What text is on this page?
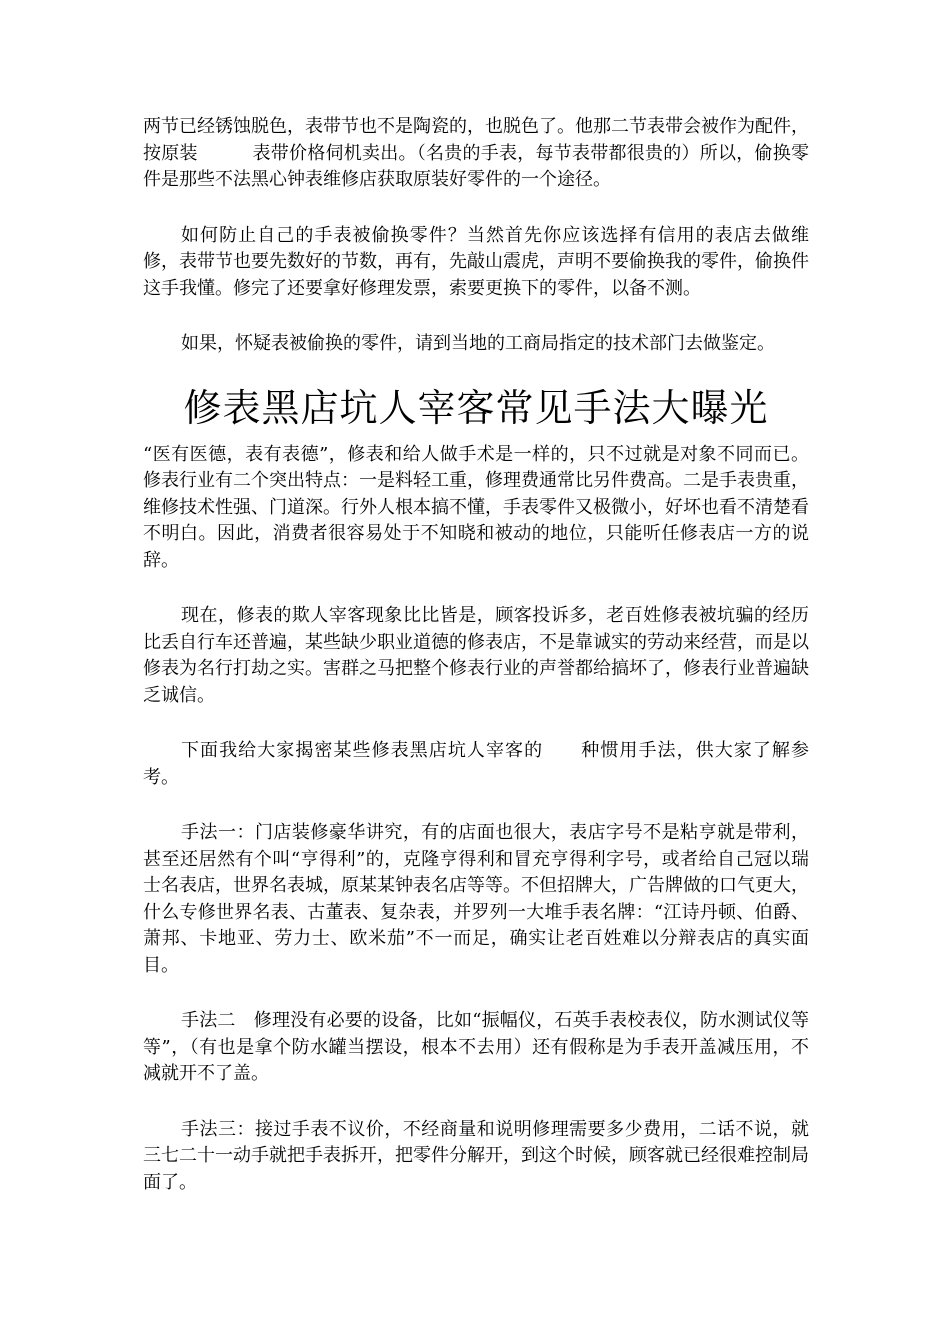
两节已经锈蚀脱色，表带节也不是陶瓷的，也脱色了。他那二节表带会被作为配件，按原装　　　表带价格伺机卖出。（名贵的手表，每节表带都很贵的）所以，偷换零件是那些不法黑心钟表维修店获取原装好零件的一个途径。

如何防止自己的手表被偷换零件？当然首先你应该选择有信用的表店去做维修，表带节也要先数好的节数，再有，先敲山震虎，声明不要偷换我的零件，偷换件这手我懂。修完了还要拿好修理发票，索要更换下的零件，以备不测。

如果，怀疑表被偷换的零件，请到当地的工商局指定的技术部门去做鉴定。

修表黑店坑人宰客常见手法大曝光

“医有医德，表有表德”，修表和给人做手术是一样的，只不过就是对象不同而已。修表行业有二个突出特点：一是料轻工重，修理费通常比另件费高。二是手表贵重，维修技术性强、门道深。行外人根本搞不懂，手表零件又极微小，好坏也看不清楚看不明白。因此，消费者很容易处于不知晓和被动的地位，只能听任修表店一方的说辞。

现在，修表的欺人宰客现象比比皆是，顾客投诉多，老百姓修表被坑骗的经历比丢自行车还普遍，某些缺少职业道德的修表店，不是靠诚实的劳动来经营，而是以修表为名行打劫之实。害群之马把整个修表行业的声誉都给搞坏了，修表行业普遍缺乏诚信。

下面我给大家揭密某些修表黑店坑人宰客的　　种惯用手法，供大家了解参考。

手法一：门店装修豪华讲究，有的店面也很大，表店字号不是粘亨就是带利，甚至还居然有个叫“亨得利”的，克隆亨得利和冒充亨得利字号，或者给自己冠以瑞士名表店，世界名表城，原某某钟表名店等等。不但招牌大，广告牌做的口气更大，什么专修世界名表、古董表、复杂表，并罗列一大堆手表名牌：“江诗丹顿、伯爵、萧邦、卡地亚、劳力士、欧米茄”不一而足，确实让老百姓难以分辩表店的真实面目。

手法二　修理没有必要的设备，比如“振幅仪，石英手表校表仪，防水测试仪等等”，（有也是拿个防水罐当摆设，根本不去用）还有假称是为手表开盖减压用，不减就开不了盖。

手法三：接过手表不议价，不经商量和说明修理需要多少费用，二话不说，就三七二十一动手就把手表拆开，把零件分解开，到这个时候，顾客就已经很难控制局面了。
